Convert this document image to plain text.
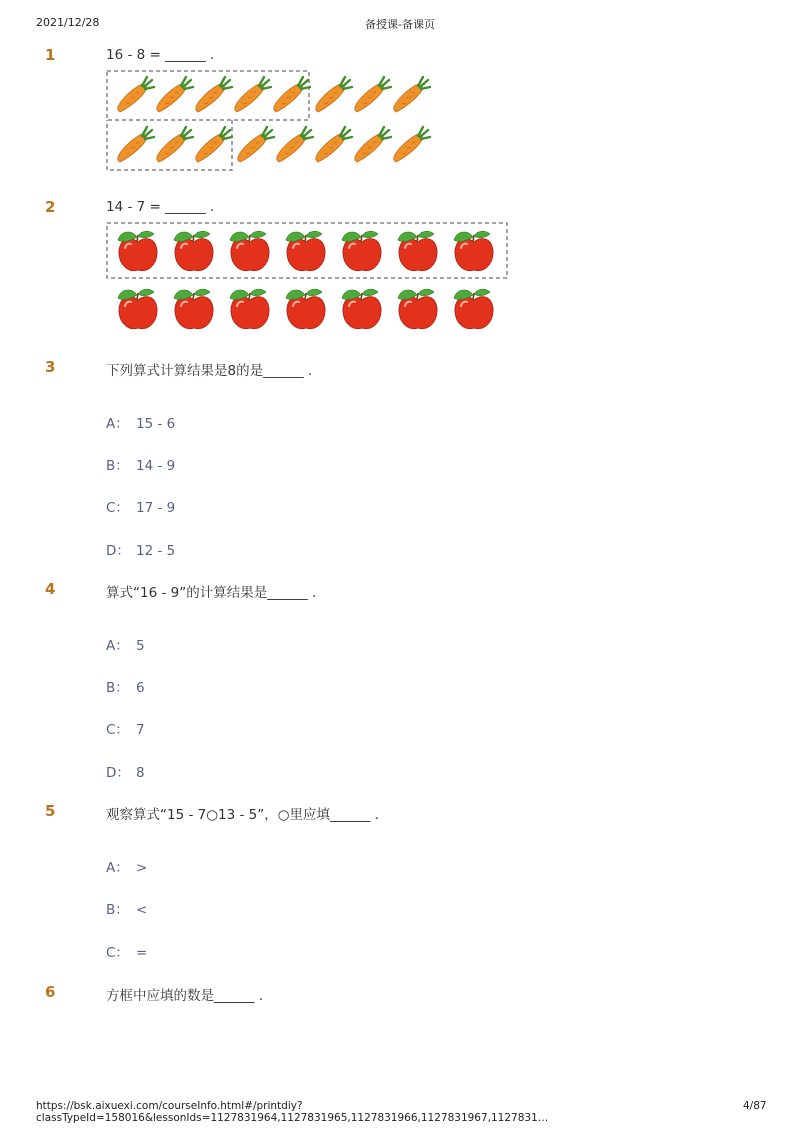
2021/12/28	备授课-备课页
1	16 - 8 = ______ .
2	14 - 7 = ______ .
3	下列算式计算结果是8的是______ .
A： 15 - 6
B： 14 - 9
C： 17 - 9
D： 12 - 5
4	算式“16 - 9”的计算结果是______ .
A： 5
B： 6
C： 7
D： 8
5	观察算式“15 - 7○13 - 5”，○里应填______ .
A： >
B： <
C： =
6	方框中应填的数是______ .
https://bsk.aixuexi.com/courseInfo.html#/printdiy?classTypeId=158016&lessonIds=1127831964,1127831965,1127831966,1127831967,1127831…
4/87
